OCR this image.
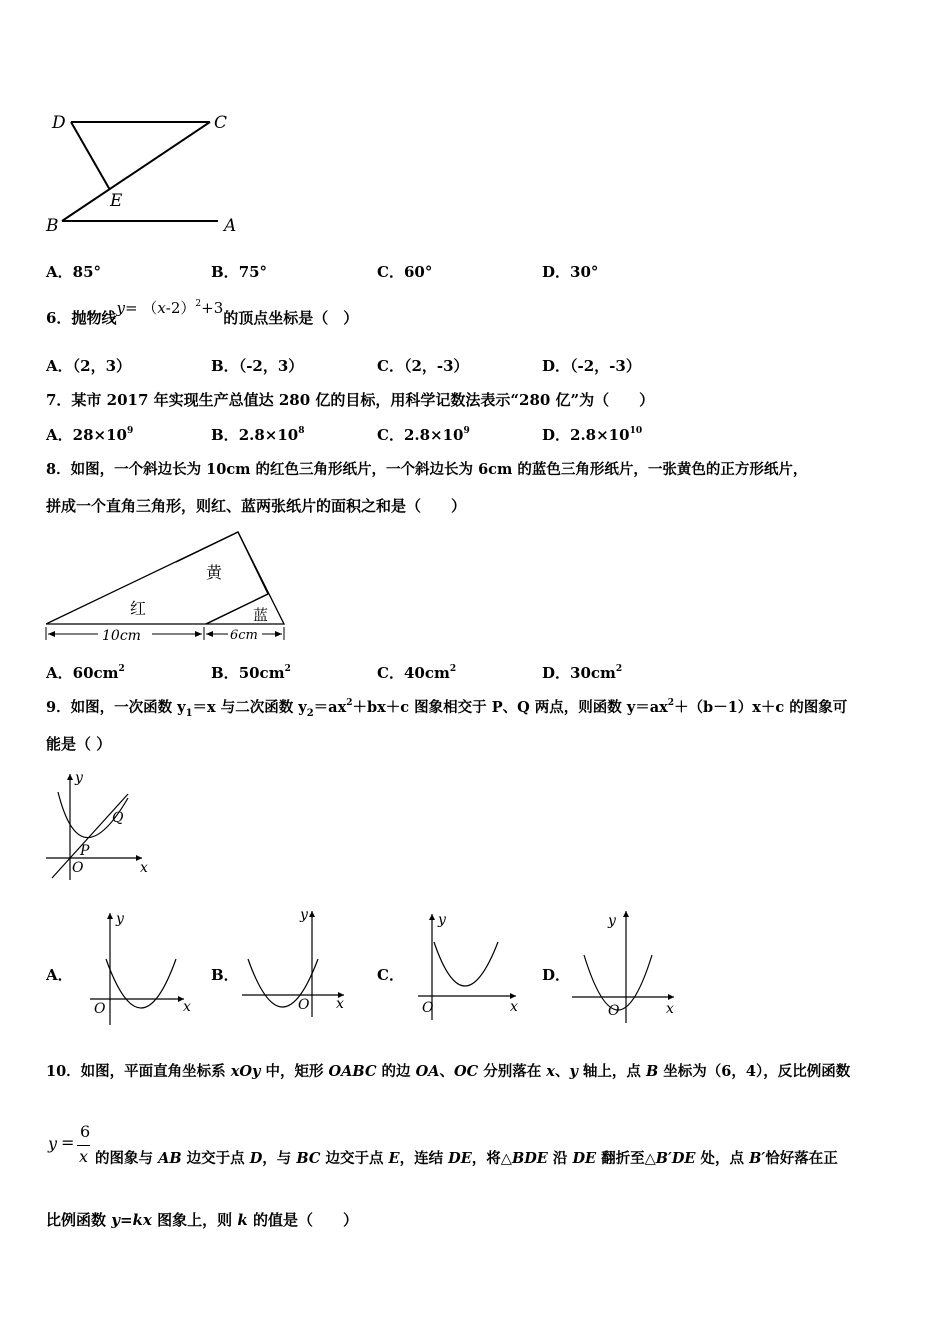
D	C
E
B	A
A．85°	B．75°	C．60°	D．30°
6．抛物线$y= (x-2)^2+3$的顶点坐标是（　）
A．（2，3）	B．（-2，3）	C．（2，-3）	D．（-2，-3）
7．某市 2017 年实现生产总值达 280 亿的目标，用科学记数法表示“280 亿”为（　　）
A．$28\times 10^9$	B．$2.8\times 10^8$	C．$2.8\times 10^9$	D．$2.8\times 10^{10}$
8．如图，一个斜边长为 10cm 的红色三角形纸片，一个斜边长为 6cm 的蓝色三角形纸片，一张黄色的正方形纸片，
拼成一个直角三角形，则红、蓝两张纸片的面积之和是（　　）
黄
红	蓝
10cm	6cm
A．$60cm^2$	B．$50cm^2$	C．$40cm^2$	D．$30cm^2$
9．如图，一次函数 $y_1=x$ 与二次函数 $y_2=ax^2+bx+c$ 图象相交于 P、Q 两点，则函数 $y=ax^2+(b-1)x+c$ 的图象可
能是（ ）
y
x
O
P
Q
A．
y
x
O
B．
y
x
O
C．
y
x
O
D．
y
x
O
10．如图，平面直角坐标系 xOy 中，矩形 OABC 的边 OA、OC 分别落在 x、y 轴上，点 B 坐标为（6，4），反比例函数
y =
6
x 的图象与 AB 边交于点 D，与 BC 边交于点 E，连结 DE，将△BDE 沿 DE 翻折至△B′DE 处，点 B′恰好落在正
比例函数 y=kx 图象上，则 k 的值是（　　）
